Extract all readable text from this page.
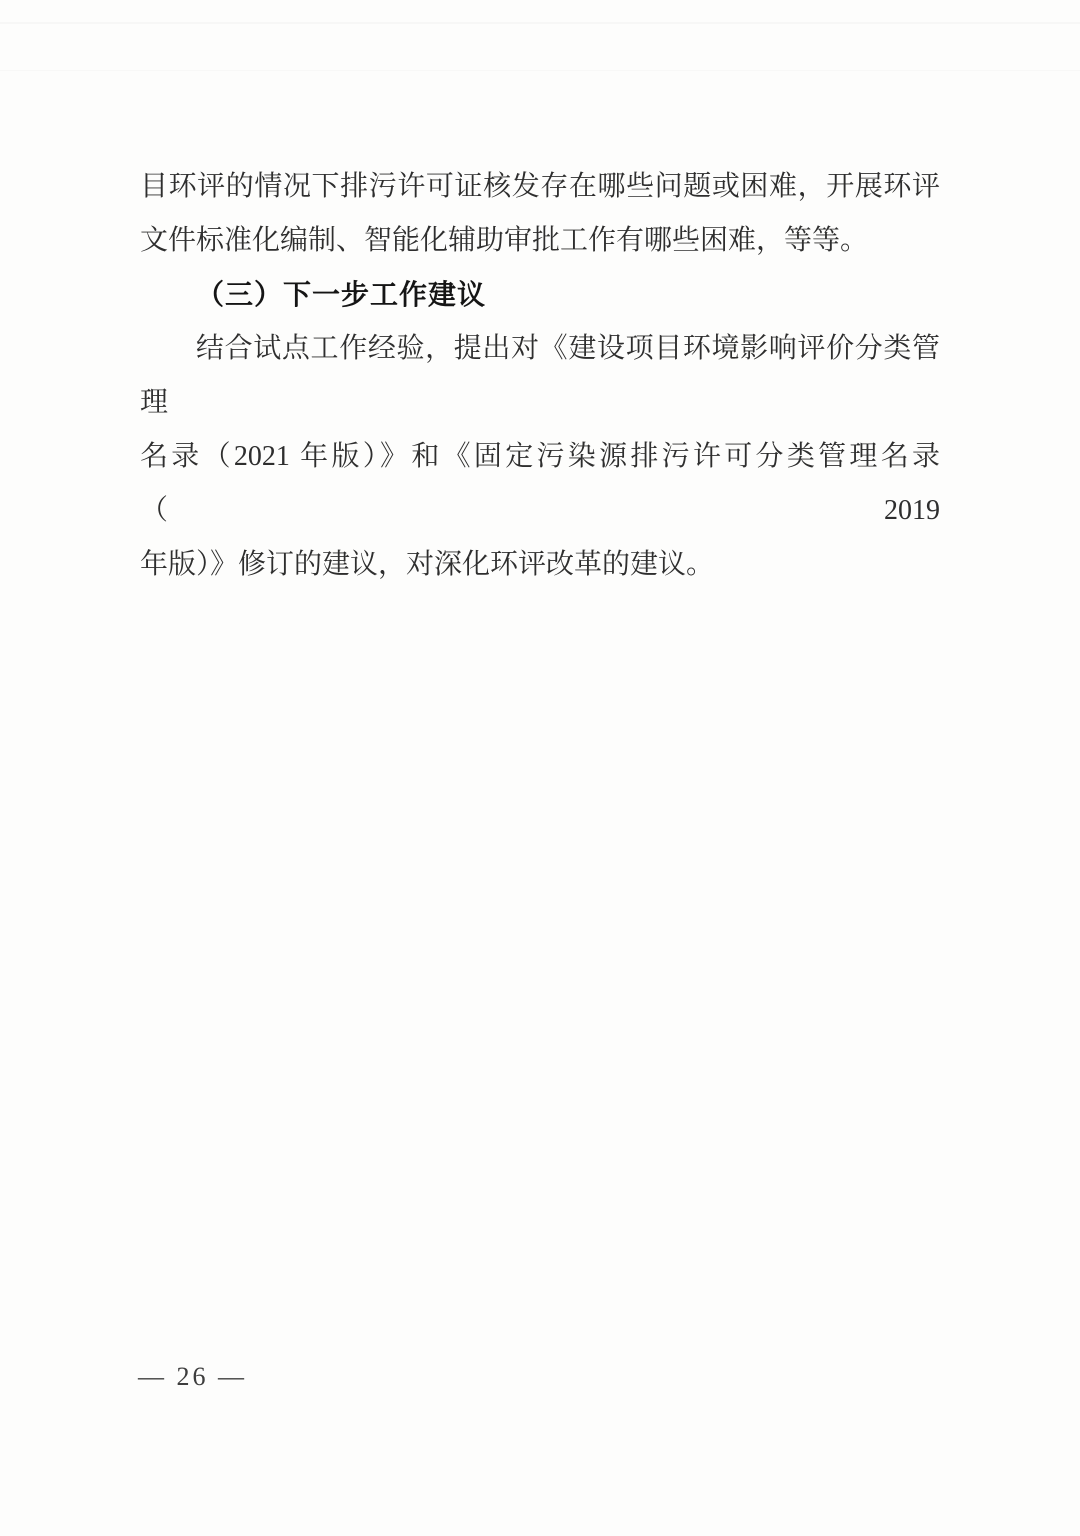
目环评的情况下排污许可证核发存在哪些问题或困难，开展环评

文件标准化编制、智能化辅助审批工作有哪些困难，等等。

（三）下一步工作建议

结合试点工作经验，提出对《建设项目环境影响评价分类管理

名录（2021 年版）》和《固定污染源排污许可分类管理名录（2019

年版）》修订的建议，对深化环评改革的建议。

— 26 —
